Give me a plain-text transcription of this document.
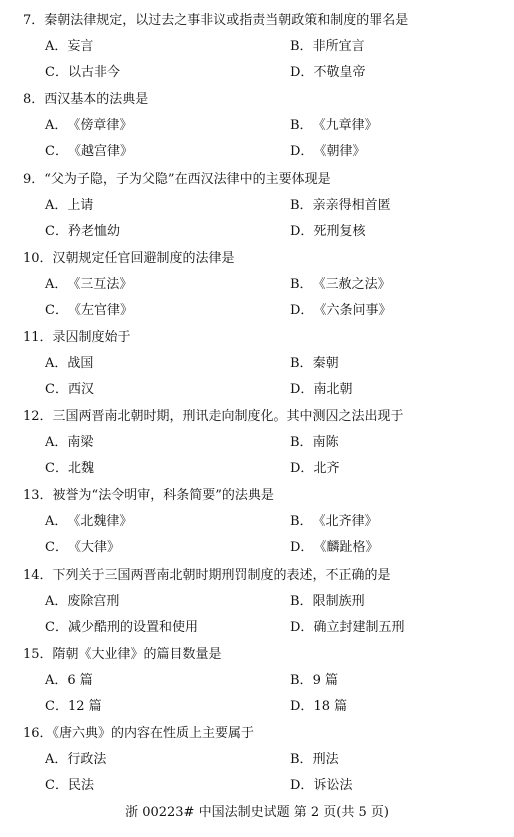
7．秦朝法律规定，以过去之事非议或指责当朝政策和制度的罪名是
A．妄言	B．非所宜言
C．以古非今	D．不敬皇帝
8．西汉基本的法典是
A．《傍章律》	B．《九章律》
C．《越宫律》	D．《朝律》
9．“父为子隐，子为父隐”在西汉法律中的主要体现是
A．上请	B．亲亲得相首匿
C．矜老恤幼	D．死刑复核
10．汉朝规定任官回避制度的法律是
A．《三互法》	B．《三赦之法》
C．《左官律》	D．《六条问事》
11．录囚制度始于
A．战国	B．秦朝
C．西汉	D．南北朝
12．三国两晋南北朝时期，刑讯走向制度化。其中测囚之法出现于
A．南梁	B．南陈
C．北魏	D．北齐
13．被誉为“法令明审，科条简要”的法典是
A．《北魏律》	B．《北齐律》
C．《大律》	D．《麟趾格》
14．下列关于三国两晋南北朝时期刑罚制度的表述，不正确的是
A．废除宫刑	B．限制族刑
C．减少酷刑的设置和使用	D．确立封建制五刑
15．隋朝《大业律》的篇目数量是
A．6 篇	B．9 篇
C．12 篇	D．18 篇
16．《唐六典》的内容在性质上主要属于
A．行政法	B．刑法
C．民法	D．诉讼法
浙 00223# 中国法制史试题 第 2 页(共 5 页)
